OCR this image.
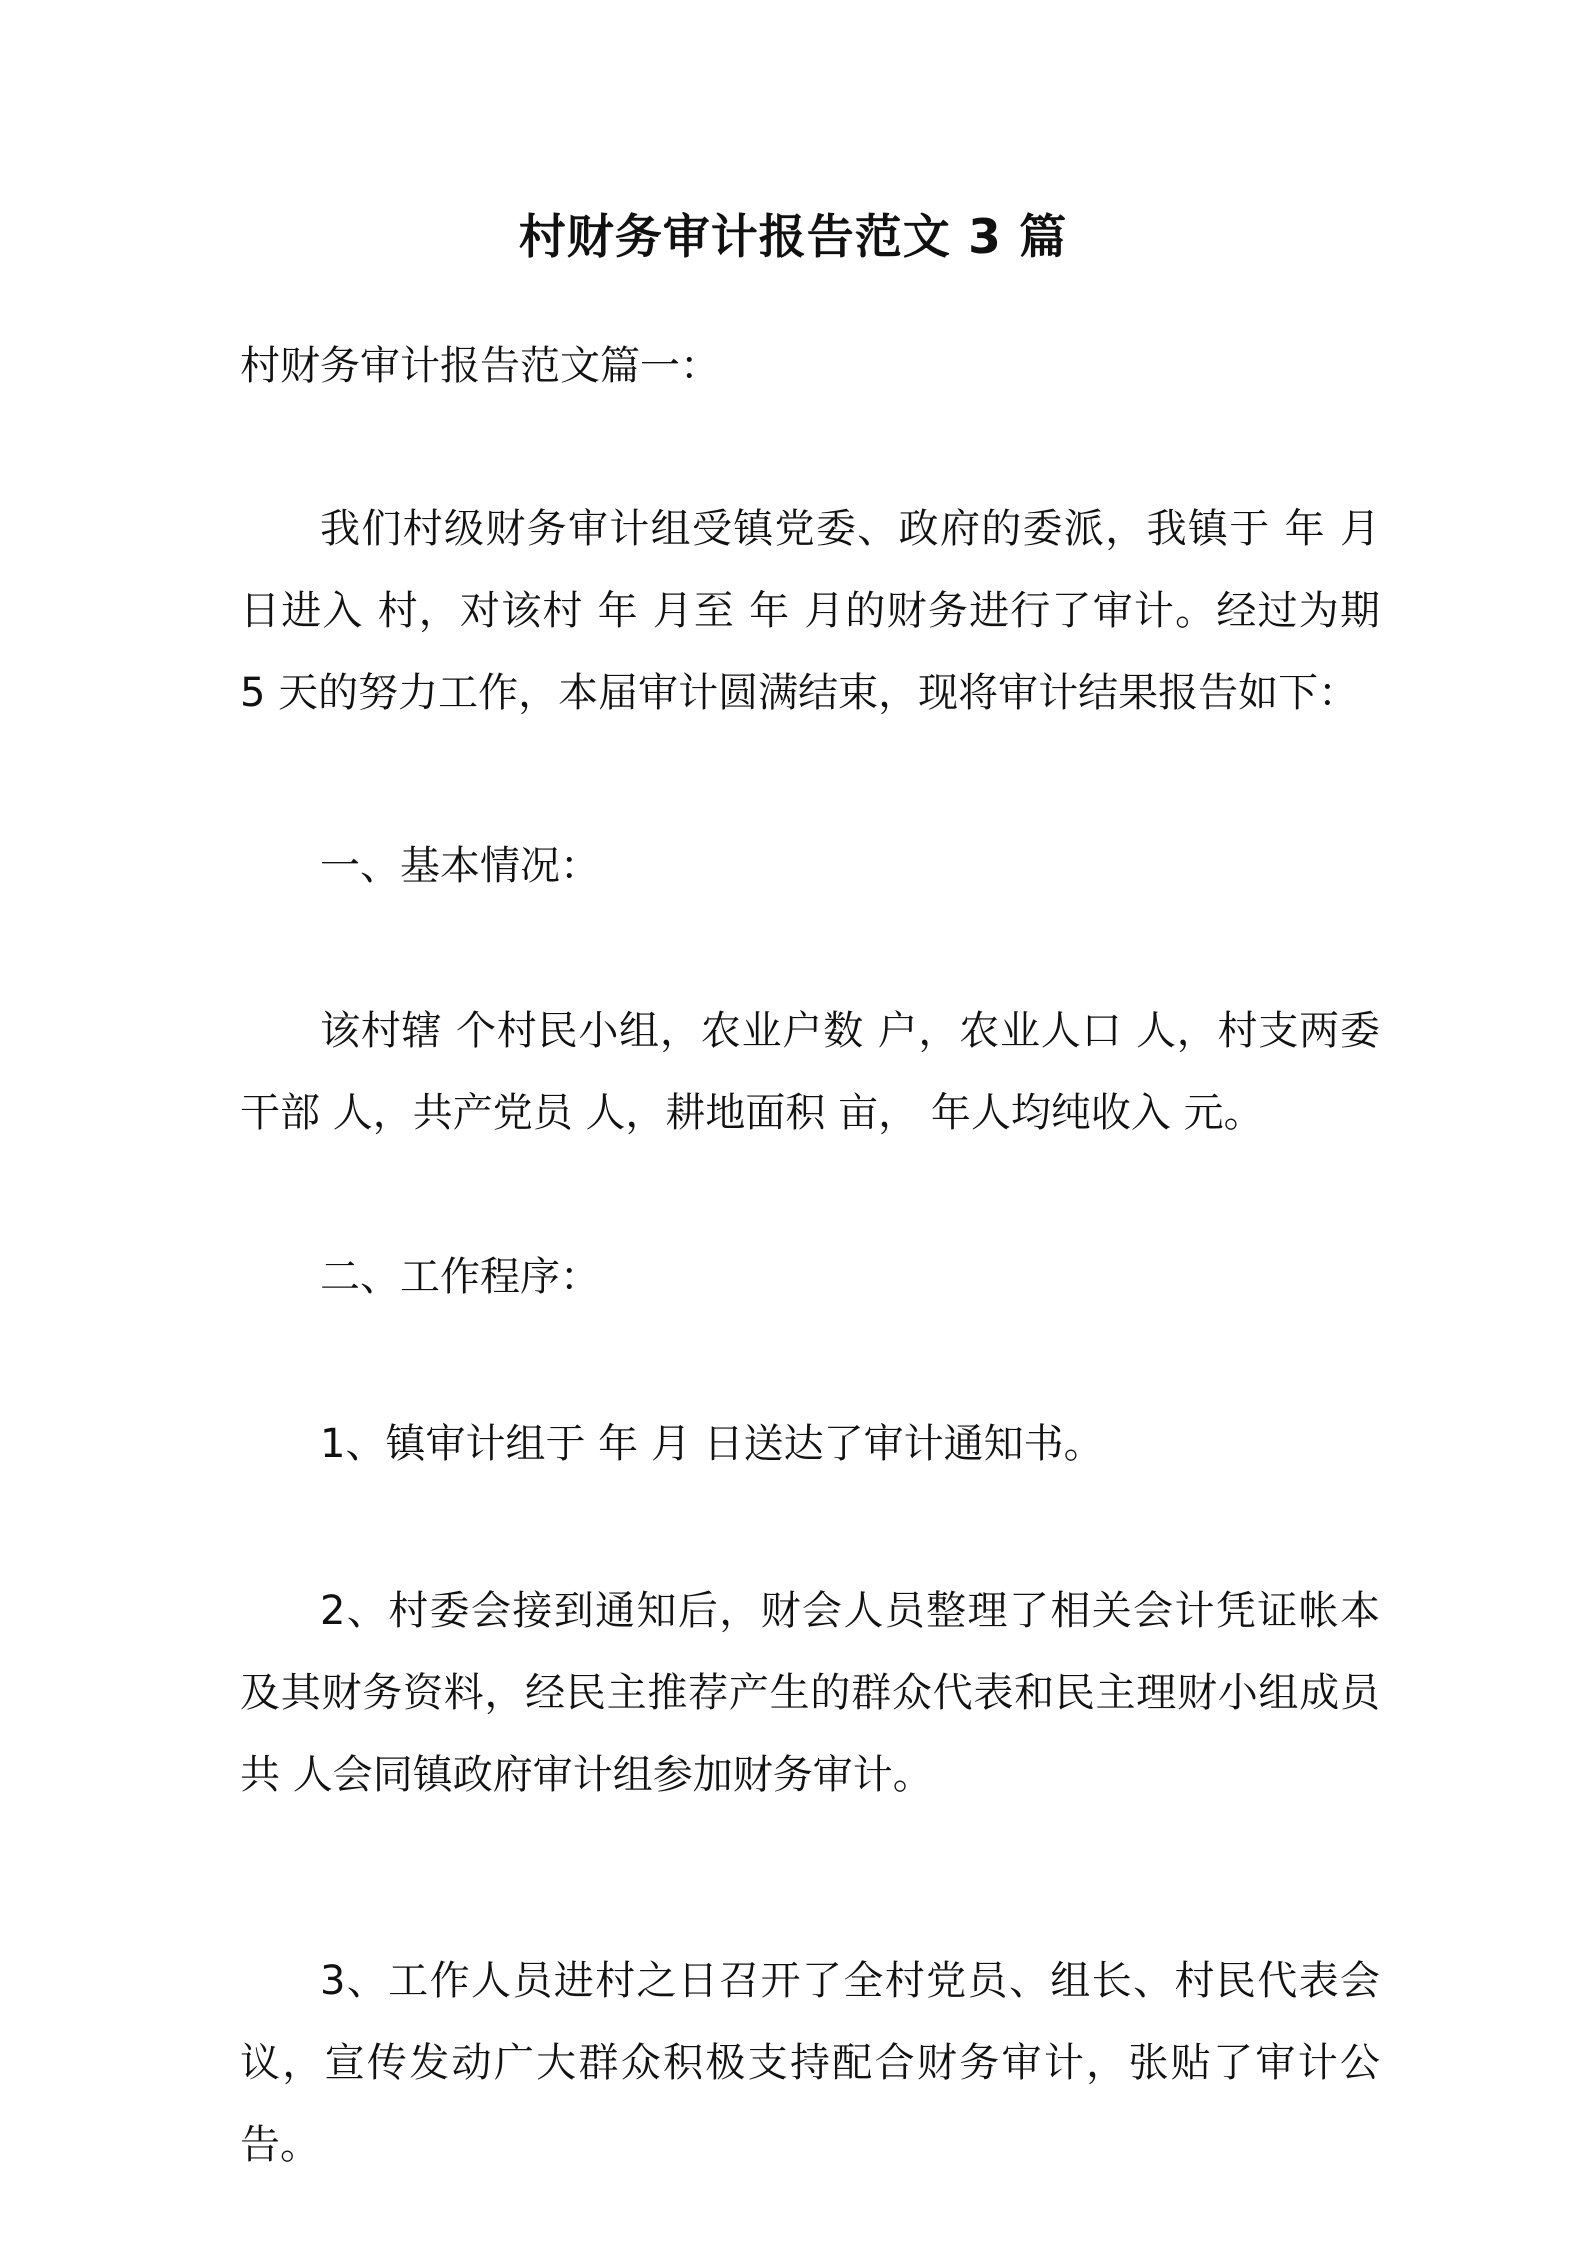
村财务审计报告范文 3 篇
村财务审计报告范文篇一：

我们村级财务审计组受镇党委、政府的委派，我镇于 年 月 日进入 村，对该村 年 月至 年 月的财务进行了审计。经过为期 5 天的努力工作，本届审计圆满结束，现将审计结果报告如下：

一、基本情况：

该村辖 个村民小组，农业户数 户，农业人口 人，村支两委干部 人，共产党员 人，耕地面积 亩， 年人均纯收入 元。

二、工作程序：

1、镇审计组于 年 月 日送达了审计通知书。

2、村委会接到通知后，财会人员整理了相关会计凭证帐本及其财务资料，经民主推荐产生的群众代表和民主理财小组成员共 人会同镇政府审计组参加财务审计。

3、工作人员进村之日召开了全村党员、组长、村民代表会议，宣传发动广大群众积极支持配合财务审计，张贴了审计公告。
